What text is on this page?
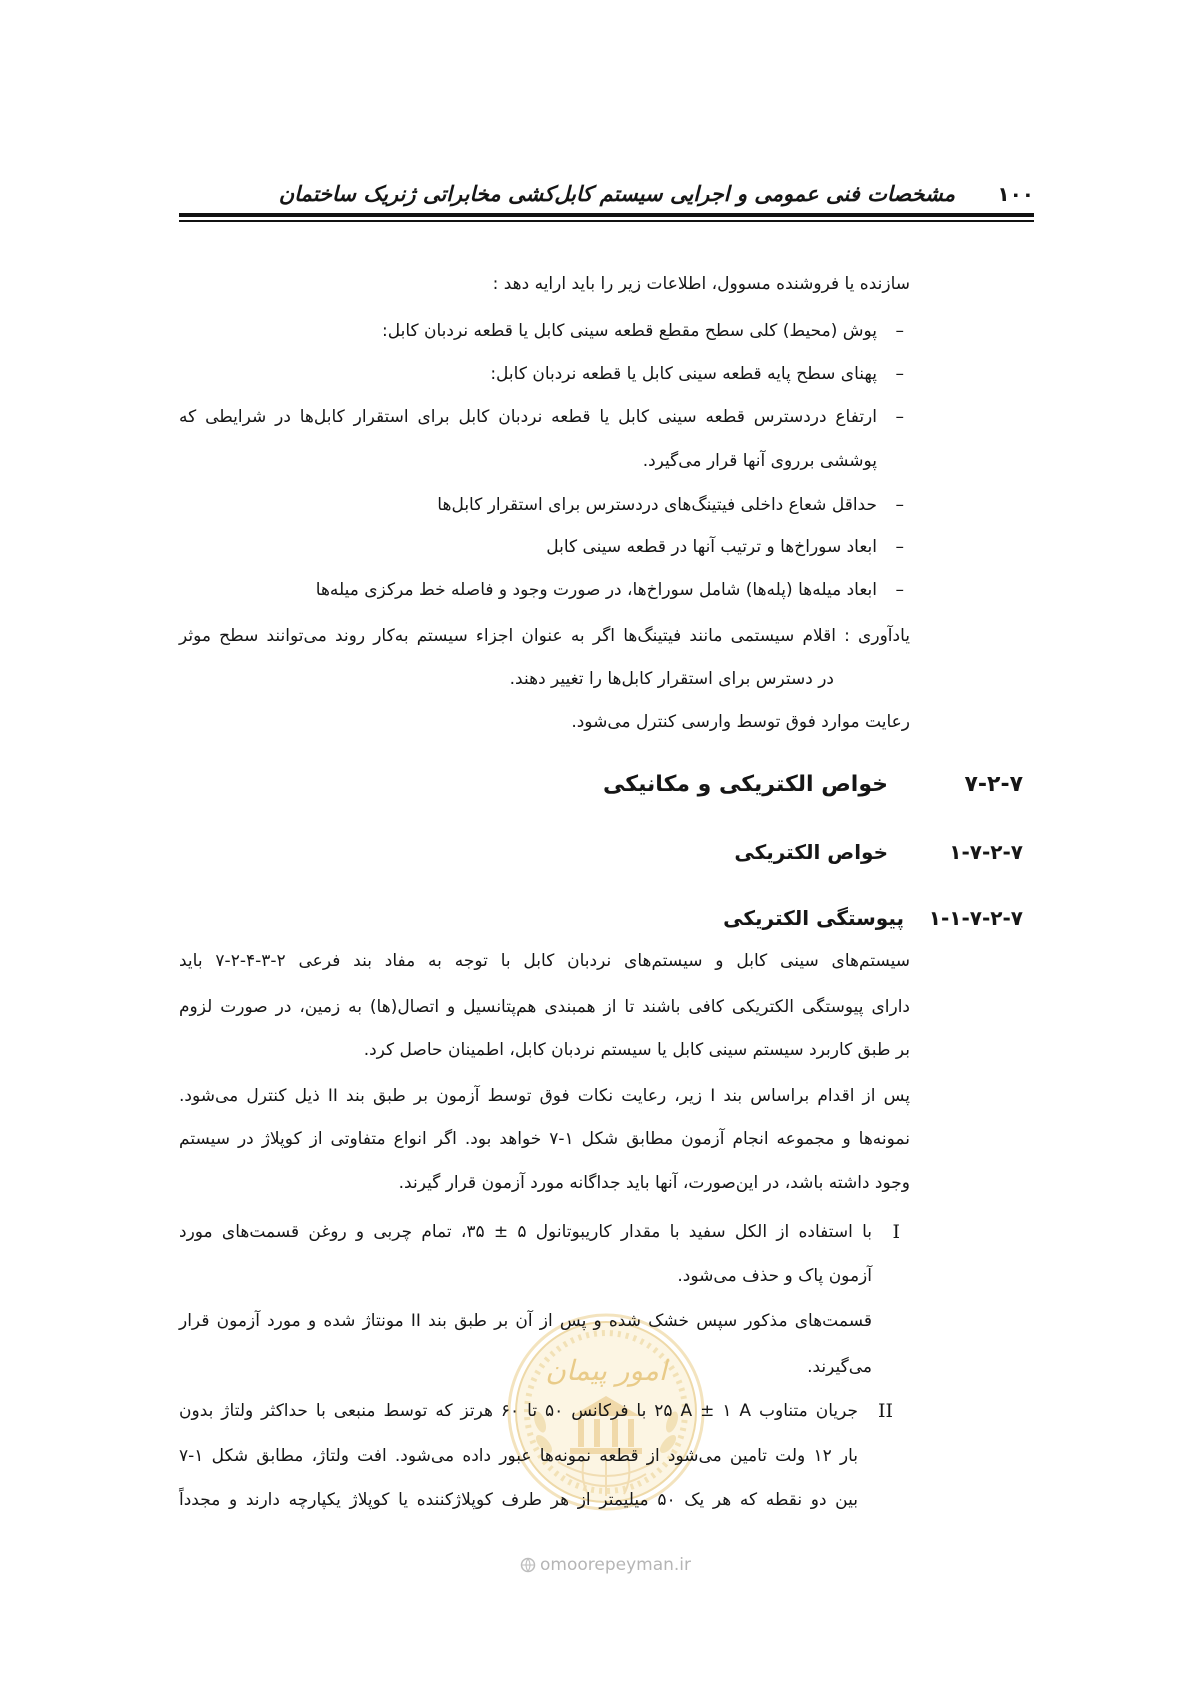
۱۰۰
مشخصات فنی عمومی و اجرایی سیستم کابل‌کشی مخابراتی ژنریک ساختمان
امور پیمان
omoorepeyman.ir
سازنده یا فروشنده مسوول، اطلاعات زیر را باید ارایه دهد :
–
پوش (محیط) کلی سطح مقطع قطعه سینی کابل یا قطعه نردبان کابل:
–
پهنای سطح پایه قطعه سینی کابل یا قطعه نردبان کابل:
–
ارتفاع دردسترس قطعه سینی کابل یا قطعه نردبان کابل برای استقرار کابل‌ها در شرایطی که
پوششی برروی آنها قرار می‌گیرد.
–
حداقل شعاع داخلی فیتینگ‌های دردسترس برای استقرار کابل‌ها
–
ابعاد سوراخ‌ها و ترتیب آنها در قطعه سینی کابل
–
ابعاد میله‌ها (پله‌ها) شامل سوراخ‌ها، در صورت وجود و فاصله خط مرکزی میله‌ها
یادآوری : اقلام سیستمی مانند فیتینگ‌ها اگر به عنوان اجزاء سیستم به‌کار روند می‌توانند سطح موثر
در دسترس برای استقرار کابل‌ها را تغییر دهند.
رعایت موارد فوق توسط وارسی کنترل می‌شود.
۷-۲-۷
خواص الکتریکی و مکانیکی
۱-۷-۲-۷
خواص الکتریکی
۱-۱-۷-۲-۷
پیوستگی الکتریکی
سیستم‌های سینی کابل و سیستم‌های نردبان کابل با توجه به مفاد بند فرعی ۲-۳-۴-۲-۷ باید
دارای پیوستگی الکتریکی کافی باشند تا از همبندی هم‌پتانسیل و اتصال(ها) به زمین، در صورت لزوم
بر طبق کاربرد سیستم سینی کابل یا سیستم نردبان کابل، اطمینان حاصل کرد.
پس از اقدام براساس بند I زیر، رعایت نکات فوق توسط آزمون بر طبق بند II ذیل کنترل می‌شود.
نمونه‌ها و مجموعه انجام آزمون مطابق شکل ۱-۷ خواهد بود. اگر انواع متفاوتی از کوپلاژ در سیستم
وجود داشته باشد، در این‌صورت، آنها باید جداگانه مورد آزمون قرار گیرند.
I
با استفاده از الکل سفید با مقدار کاریبوتانول ۵ ± ۳۵، تمام چربی و روغن قسمت‌های مورد
آزمون پاک و حذف می‌شود.
قسمت‌های مذکور سپس خشک شده و پس از آن بر طبق بند II مونتاژ شده و مورد آزمون قرار
می‌گیرند.
II
جریان متناوب ۲۵ A ± ۱ A با فرکانس ۵۰ تا ۶۰ هرتز که توسط منبعی با حداکثر ولتاژ بدون
بار ۱۲ ولت تامین می‌شود از قطعه نمونه‌ها عبور داده می‌شود. افت ولتاژ، مطابق شکل ۱-۷
بین دو نقطه که هر یک ۵۰ میلیمتر از هر طرف کوپلاژکننده یا کوپلاژ یکپارچه دارند و مجدداً
